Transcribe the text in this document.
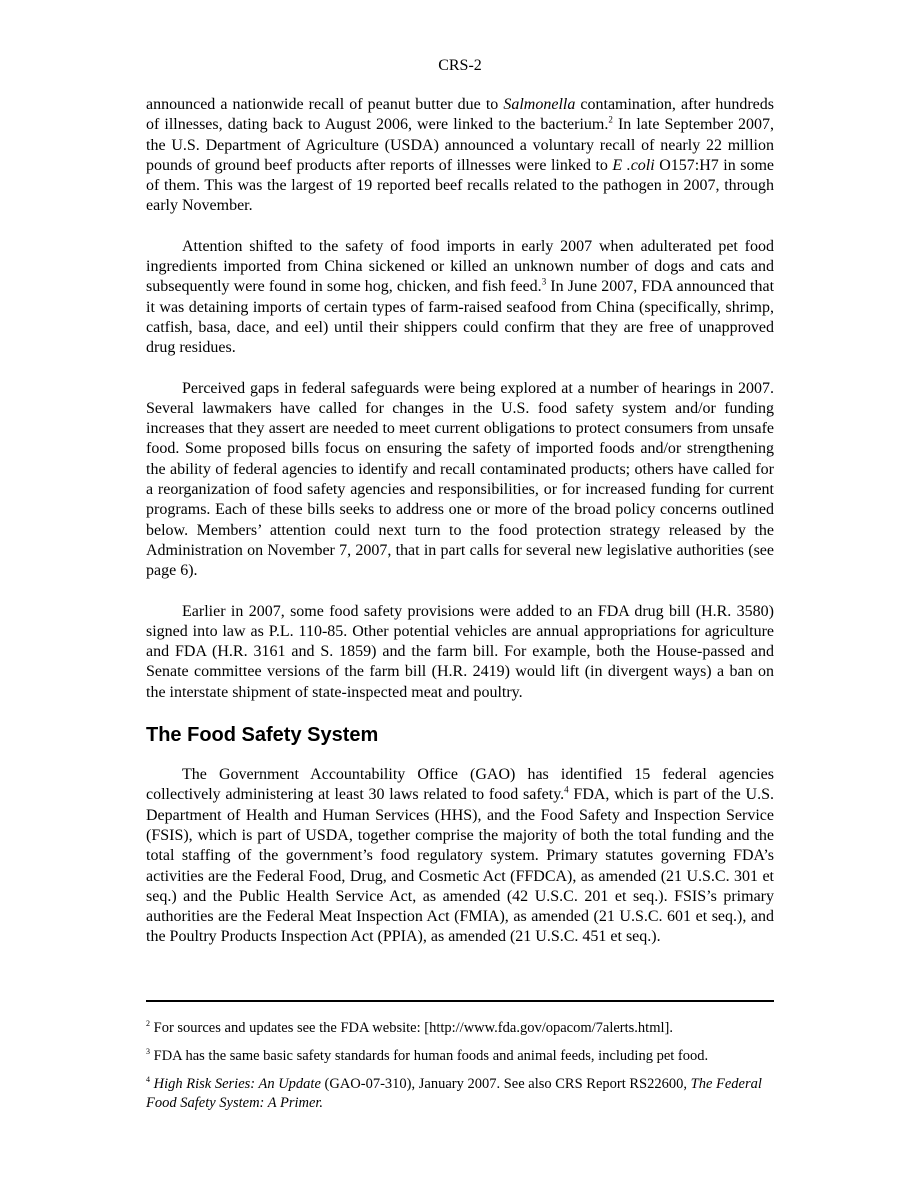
CRS-2

announced a nationwide recall of peanut butter due to Salmonella contamination, after hundreds of illnesses, dating back to August 2006, were linked to the bacterium.$^2$ In late September 2007, the U.S. Department of Agriculture (USDA) announced a voluntary recall of nearly 22 million pounds of ground beef products after reports of illnesses were linked to E .coli O157:H7 in some of them. This was the largest of 19 reported beef recalls related to the pathogen in 2007, through early November.

Attention shifted to the safety of food imports in early 2007 when adulterated pet food ingredients imported from China sickened or killed an unknown number of dogs and cats and subsequently were found in some hog, chicken, and fish feed.$^3$ In June 2007, FDA announced that it was detaining imports of certain types of farm-raised seafood from China (specifically, shrimp, catfish, basa, dace, and eel) until their shippers could confirm that they are free of unapproved drug residues.

Perceived gaps in federal safeguards were being explored at a number of hearings in 2007. Several lawmakers have called for changes in the U.S. food safety system and/or funding increases that they assert are needed to meet current obligations to protect consumers from unsafe food. Some proposed bills focus on ensuring the safety of imported foods and/or strengthening the ability of federal agencies to identify and recall contaminated products; others have called for a reorganization of food safety agencies and responsibilities, or for increased funding for current programs. Each of these bills seeks to address one or more of the broad policy concerns outlined below. Members’ attention could next turn to the food protection strategy released by the Administration on November 7, 2007, that in part calls for several new legislative authorities (see page 6).

Earlier in 2007, some food safety provisions were added to an FDA drug bill (H.R. 3580) signed into law as P.L. 110-85. Other potential vehicles are annual appropriations for agriculture and FDA (H.R. 3161 and S. 1859) and the farm bill. For example, both the House-passed and Senate committee versions of the farm bill (H.R. 2419) would lift (in divergent ways) a ban on the interstate shipment of state-inspected meat and poultry.

The Food Safety System

The Government Accountability Office (GAO) has identified 15 federal agencies collectively administering at least 30 laws related to food safety.$^4$ FDA, which is part of the U.S. Department of Health and Human Services (HHS), and the Food Safety and Inspection Service (FSIS), which is part of USDA, together comprise the majority of both the total funding and the total staffing of the government’s food regulatory system. Primary statutes governing FDA’s activities are the Federal Food, Drug, and Cosmetic Act (FFDCA), as amended (21 U.S.C. 301 et seq.) and the Public Health Service Act, as amended (42 U.S.C. 201 et seq.). FSIS’s primary authorities are the Federal Meat Inspection Act (FMIA), as amended (21 U.S.C. 601 et seq.), and the Poultry Products Inspection Act (PPIA), as amended (21 U.S.C. 451 et seq.).

$^2$ For sources and updates see the FDA website: [http://www.fda.gov/opacom/7alerts.html].

$^3$ FDA has the same basic safety standards for human foods and animal feeds, including pet food.

$^4$ High Risk Series: An Update (GAO-07-310), January 2007. See also CRS Report RS22600, The Federal Food Safety System: A Primer.
